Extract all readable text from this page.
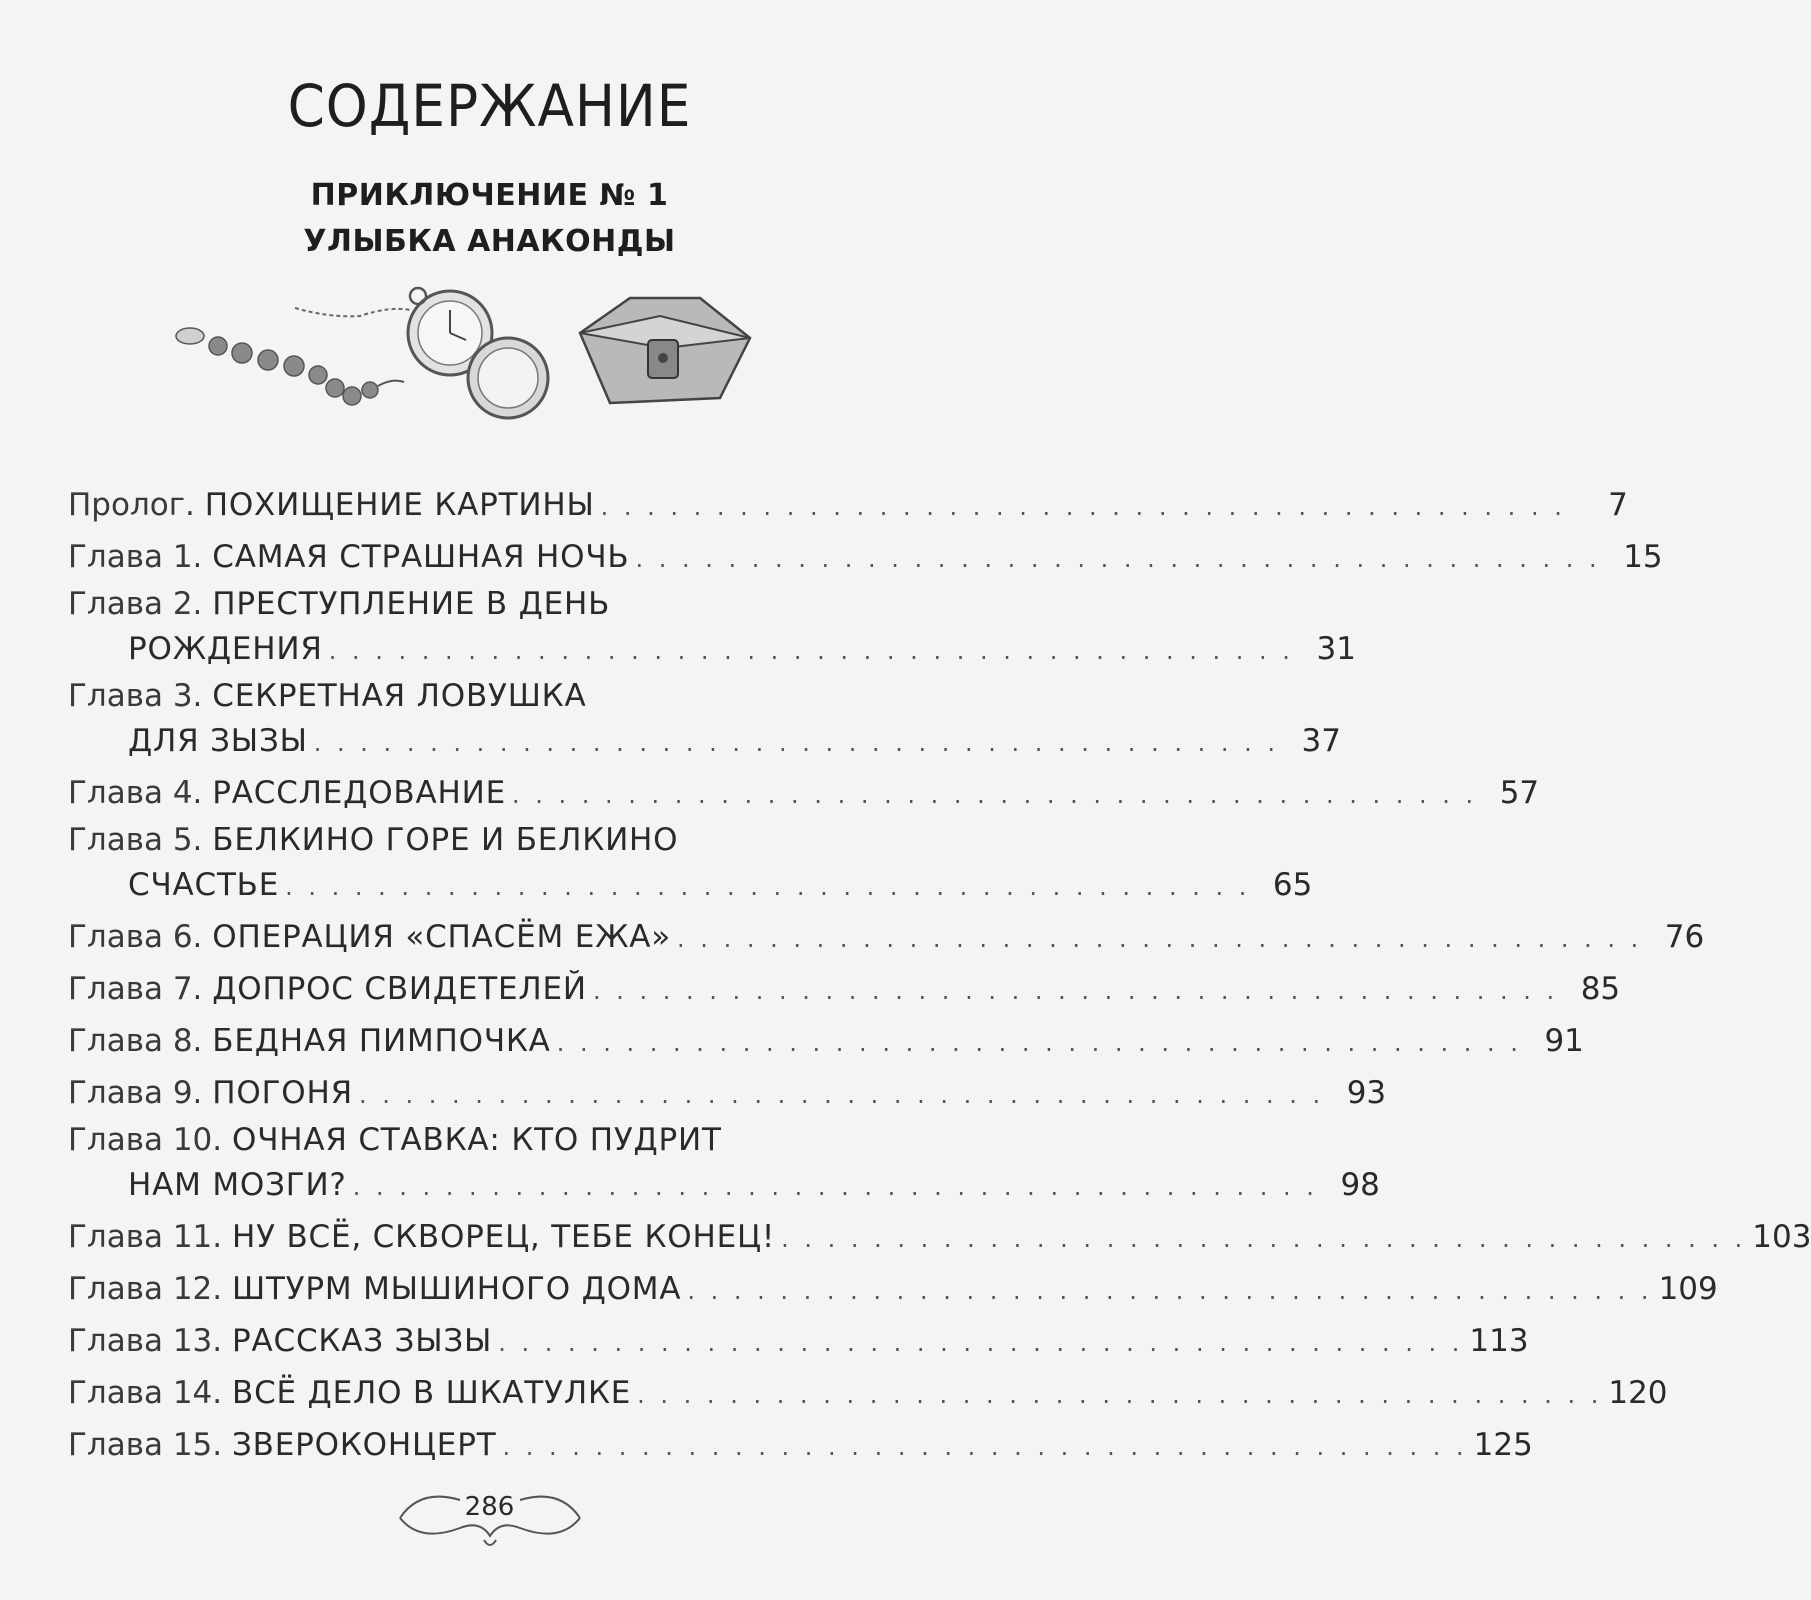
СОДЕРЖАНИЕ
ПРИКЛЮЧЕНИЕ № 1
УЛЫБКА АНАКОНДЫ
Пролог. ПОХИЩЕНИЕ КАРТИНЫ . . . . . . . . . . . . . . . . . . . . . . . . . . . . . . . . . . . . . . . . . .	7
Глава 1. САМАЯ СТРАШНАЯ НОЧЬ . . . . . . . . . . . . . . . . . . . . . . . . . . . . . . . . . . . . . . . . . . 15
Глава 2. ПРЕСТУПЛЕНИЕ В ДЕНЬ
РОЖДЕНИЯ . . . . . . . . . . . . . . . . . . . . . . . . . . . . . . . . . . . . . . . . . . 31
Глава 3. СЕКРЕТНАЯ ЛОВУШКА
ДЛЯ ЗЫЗЫ . . . . . . . . . . . . . . . . . . . . . . . . . . . . . . . . . . . . . . . . . . 37
Глава 4. РАССЛЕДОВАНИЕ . . . . . . . . . . . . . . . . . . . . . . . . . . . . . . . . . . . . . . . . . . 57
Глава 5. БЕЛКИНО ГОРЕ И БЕЛКИНО
СЧАСТЬЕ . . . . . . . . . . . . . . . . . . . . . . . . . . . . . . . . . . . . . . . . . . 65
Глава 6. ОПЕРАЦИЯ «СПАСЁМ ЕЖА» . . . . . . . . . . . . . . . . . . . . . . . . . . . . . . . . . . . . . . . . . . 76
Глава 7. ДОПРОС СВИДЕТЕЛЕЙ . . . . . . . . . . . . . . . . . . . . . . . . . . . . . . . . . . . . . . . . . . 85
Глава 8. БЕДНАЯ ПИМПОЧКА . . . . . . . . . . . . . . . . . . . . . . . . . . . . . . . . . . . . . . . . . . 91
Глава 9. ПОГОНЯ . . . . . . . . . . . . . . . . . . . . . . . . . . . . . . . . . . . . . . . . . . 93
Глава 10. ОЧНАЯ СТАВКА: КТО ПУДРИТ
НАМ МОЗГИ? . . . . . . . . . . . . . . . . . . . . . . . . . . . . . . . . . . . . . . . . . . 98
Глава 11. НУ ВСЁ, СКВОРЕЦ, ТЕБЕ КОНЕЦ! . . . . . . . . . . . . . . . . . . . . . . . . . . . . . . . . . . . . . . . . . . 103
Глава 12. ШТУРМ МЫШИНОГО ДОМА . . . . . . . . . . . . . . . . . . . . . . . . . . . . . . . . . . . . . . . . . . 109
Глава 13. РАССКАЗ ЗЫЗЫ . . . . . . . . . . . . . . . . . . . . . . . . . . . . . . . . . . . . . . . . . . 113
Глава 14. ВСЁ ДЕЛО В ШКАТУЛКЕ . . . . . . . . . . . . . . . . . . . . . . . . . . . . . . . . . . . . . . . . . . 120
Глава 15. ЗВЕРОКОНЦЕРТ . . . . . . . . . . . . . . . . . . . . . . . . . . . . . . . . . . . . . . . . . . 125
286
